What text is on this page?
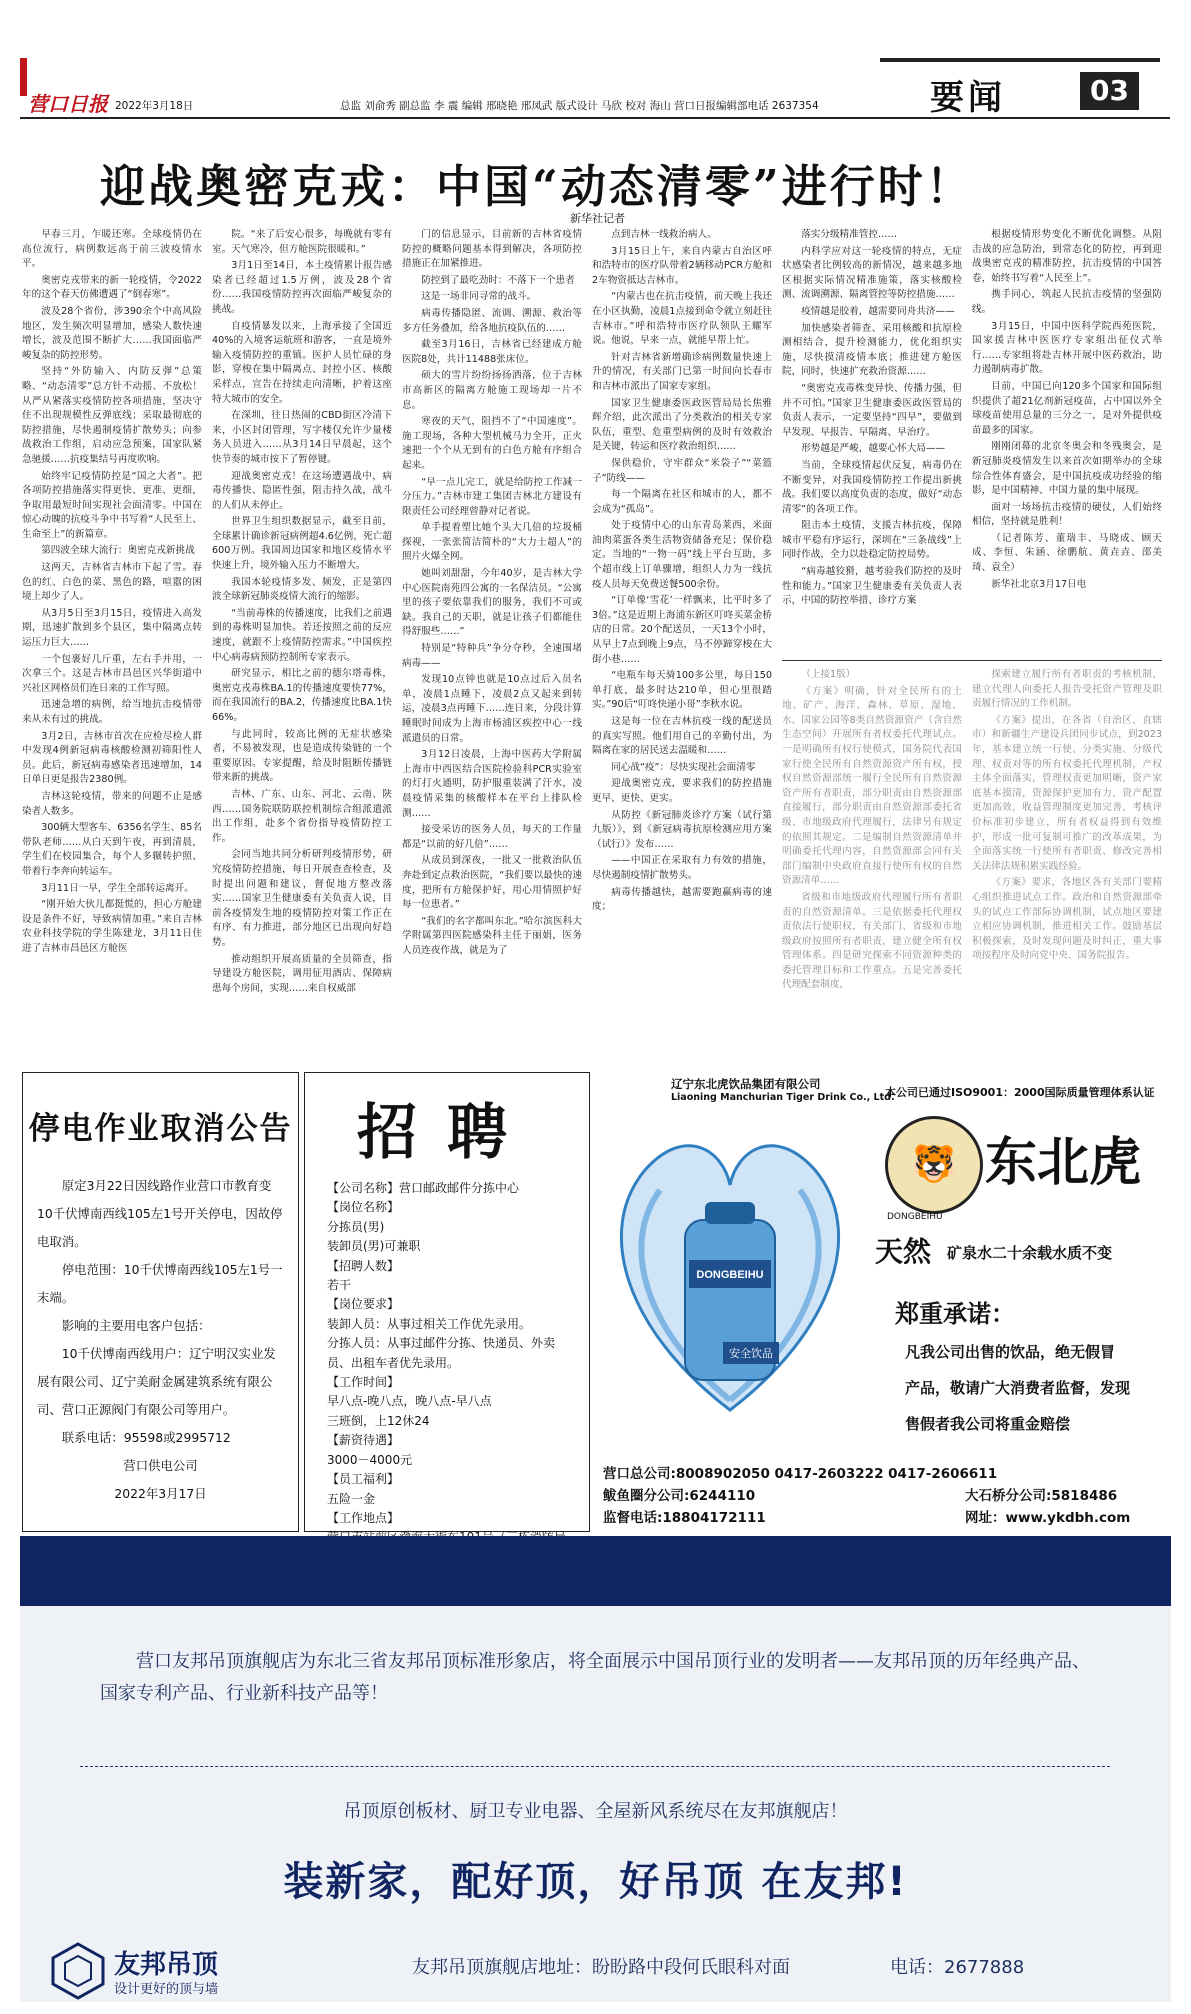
营口日报 2022年3月18日	总监 刘俞秀 副总监 李 震 编辑 邢晓艳 邢凤武 版式设计 马欣 校对 海山 营口日报编辑部电话 2637354	要闻	03
迎战奥密克戎：中国“动态清零”进行时！
新华社记者

早春三月，乍暖还寒。全球疫情仍在高位流行，病例数远高于前三波疫情水平。

奥密克戎带来的新一轮疫情，令2022年的这个春天仿佛遭遇了“倒春寒”。

波及28个省份，涉390余个中高风险地区，发生频次明显增加，感染人数快速增长，波及范围不断扩大……我国面临严峻复杂的防控形势。

坚持“外防输入、内防反弹”总策略、“动态清零”总方针不动摇、不放松！从严从紧落实疫情防控各项措施，坚决守住不出现规模性反弹底线；采取最彻底的防控措施，尽快遏制疫情扩散势头；向参战救治工作组，启动应急预案，国家队紧急驰援……抗疫集结号再度吹响。

始终牢记疫情防控是“国之大者”。把各项防控措施落实得更快、更准、更细，争取用最短时间实现社会面清零。中国在惊心动魄的抗疫斗争中书写着“人民至上、生命至上”的新篇章。

第四波全球大流行：奥密克戎新挑战

这两天，吉林省吉林市下起了雪。春色的红、白色的菜、黑色的路，喧嚣的困境上却少了人。

从3月5日至3月15日，疫情进入高发期，迅速扩散到多个县区，集中隔离点转运压力巨大……

一个包裹好几斤重，左右手并用，一次拿三个。这是吉林市昌邑区兴华街道中兴社区网格员们连日来的工作写照。

迅速急增的病例，给当地抗击疫情带来从未有过的挑战。

3月2日，吉林市首次在应检尽检人群中发现4例新冠病毒核酸检测初筛阳性人员。此后，新冠病毒感染者迅速增加，14日单日更是报告2380例。

吉林这轮疫情，带来的问题不止是感染者人数多。

300辆大型客车、6356名学生、85名带队老师……从白天到午夜，再到清晨，学生们在校园集合，每个人多辗转护照、带着行李奔向转运车。

3月11日一早，学生全部转运离开。

“刚开始大伙儿都挺慌的，担心方舱建设是条件不好，导致病情加重。”来自吉林农业科技学院的学生陈建龙，3月11日住进了吉林市昌邑区方舱医

院。“来了后安心很多，每晚就有零有室。天气寒冷，但方舱医院很暖和。”

3月1日至14日，本土疫情累计报告感染者已经超过1.5万例，波及28个省份……我国疫情防控再次面临严峻复杂的挑战。

自疫情暴发以来，上海承接了全国近40%的入境客运航班和游客，一直是境外输入疫情防控的重镇。医护人员忙碌的身影，穿梭在集中隔离点、封控小区、核酸采样点，宣告在持续走向清晰，护着这座特大城市的安全。

在深圳，往日热闹的CBD街区冷清下来，小区封闭管理，写字楼仅允许少量楼务人员进入……从3月14日早晨起，这个快节奏的城市按下了暂停键。

迎战奥密克戎！在这场遭遇战中，病毒传播快、隐匿性强，阻击持久战，战斗的人们从未停止。

世界卫生组织数据显示，截至目前，全球累计确诊新冠病例超4.6亿例，死亡超600万例。我国周边国家和地区疫情水平快速上升，境外输入压力不断增大。

我国本轮疫情多发、频发，正是第四波全球新冠肺炎疫情大流行的缩影。

“当前毒株的传播速度，比我们之前遇到的毒株明显加快。若还按照之前的反应速度，就跟不上疫情防控需求。”中国疾控中心病毒病预防控制所专家表示。

研究显示，相比之前的德尔塔毒株，奥密克戎毒株BA.1的传播速度要快77%，而在我国流行的BA.2，传播速度比BA.1快66%。

与此同时，较高比例的无症状感染者，不易被发现，也是造成传染链的一个重要原因。专家提醒，给及时阻断传播链带来新的挑战。

吉林、广东、山东、河北、云南、陕西……国务院联防联控机制综合组派遣派出工作组，赴多个省份指导疫情防控工作。

会同当地共同分析研判疫情形势，研究疫情防控措施，每日开展查查检查，及时提出问题和建议，督促地方整改落实……国家卫生健康委有关负责人说，目前各疫情发生地的疫情防控对策工作正在有序、有力推进，部分地区已出现向好趋势。

推动组织开展高质量的全员筛查，指导建设方舱医院，调用征用酒店、保障病患每个房间，实现……来自权威部

门的信息显示，目前新的吉林省疫情防控的概略问题基本得到解决，各项防控措施正在加紧推进。

防控到了最吃劲时：不落下一个患者

这是一场非同寻常的战斗。

病毒传播隐匿、流调、溯源、救治等多方任务叠加，给各地抗疫队伍的……

截至3月16日，吉林省已经建成方舱医院8处，共计11488张床位。

硕大的雪片纷纷扬扬洒落，位于吉林市高新区的隔离方舱施工现场却一片不息。

寒夜的天气，阻挡不了“中国速度”。施工现场，各种大型机械马力全开，正火速把一个个从无到有的白色方舱有序组合起来。

“早一点儿完工，就是给防控工作减一分压力。”吉林市建工集团吉林北方建设有限责任公司经理曾静对记者说。

单手提着塑比她个头大几倍的垃圾桶探视，一张张简洁简朴的“大力士超人”的照片火爆全网。

她叫刘甜甜，今年40岁，是吉林大学中心医院南苑四公寓的一名保洁员。“公寓里的孩子要依靠我们的服务，我们不可或缺。我自己的天职，就是让孩子们都能住得舒服些……”

特别是“特种兵”争分夺秒，全速围堵病毒——

发现10点钟也就是10点过后入员名单，凌晨1点睡下，凌晨2点又起来到转运，凌晨3点再睡下……连日来，分段计算睡眠时间成为上海市杨浦区疾控中心一线派遣员的日常。

3月12日凌晨，上海中医药大学附属上海市中西医结合医院检验科PCR实验室的灯打火通明，防护服重装满了汗水，凌晨疫情采集的核酸样本在平台上排队检测……

接受采访的医务人员，每天的工作量都是“以前的好几倍”……

从成员到深夜，一批又一批救治队伍奔赴到定点救治医院，“我们要以最快的速度，把所有方舱保护好，用心用情照护好每一位患者。”

“我们的名字都叫东北。”哈尔滨医科大学附属第四医院感染科主任于丽娟，医务人员连夜作战，就是为了

点到吉林一线救治病人。

3月15日上午，来自内蒙古自治区呼和浩特市的医疗队带着2辆移动PCR方舱和2车物资抵达吉林市。

“内蒙古也在抗击疫情，前天晚上我还在小区执勤，凌晨1点接到命令就立刻赶往吉林市。”呼和浩特市医疗队领队王耀军说。他说，早来一点，就能早帮上忙。

针对吉林省新增确诊病例数量快速上升的情况，有关部门已第一时间向长春市和吉林市派出了国家专家组。

国家卫生健康委医政医管局局长焦雅辉介绍，此次派出了分类救治的相关专家队伍，重型、危重型病例的及时有效救治是关键，转运和医疗救治组织……

保供稳价，守牢群众“米袋子”“菜篮子”防线——

每一个隔离在社区和城市的人，都不会成为“孤岛”。

处于疫情中心的山东青岛莱西，米面油肉菜蛋各类生活物资储备充足；保价稳定。当地的“一物一码”线上平台互助，多个超市线上订单骤增，组织人力为一线抗疫人员每天免费送餐500余份。

“订单像‘雪花’一样飘来，比平时多了3倍。”这是近期上海浦东新区叮咚买菜金桥店的日常。20个配送员，一天13个小时，从早上7点到晚上9点，马不停蹄穿梭在大街小巷……

“电瓶车每天骑100多公里，每日150单打底，最多时达210单，但心里很踏实。”90后“叮咚快递小哥”李秋水说。

这是每一位在吉林抗疫一线的配送员的真实写照。他们用自己的辛勤付出，为隔离在家的居民送去温暖和……

同心战“疫”：尽快实现社会面清零

迎战奥密克戎，要求我们的防控措施更早、更快、更实。

从防控《新冠肺炎诊疗方案（试行第九版）》，到《新冠病毒抗原检测应用方案（试行）》发布……

——中国正在采取有力有效的措施，尽快遏制疫情扩散势头。

病毒传播越快，越需要跑赢病毒的速度；

落实分级精准管控……

内科学应对这一轮疫情的特点，无症状感染者比例较高的新情况，越来越多地区根据实际情况精准施策，落实核酸检测、流调溯源、隔离管控等防控措施……

疫情越是胶着，越需要同舟共济——

加快感染者筛查、采用核酸和抗原检测相结合，提升检测能力，优化组织实施，尽快摸清疫情本底；推进建方舱医院，同时，快速扩充救治资源……

“奥密克戎毒株变异快、传播力强，但并不可怕。”国家卫生健康委医政医管局的负责人表示，一定要坚持“四早”，要做到早发现、早报告、早隔离、早治疗。

形势越是严峻，越要心怀大局——

当前，全球疫情起伏反复，病毒仍在不断变异，对我国疫情防控工作提出新挑战。我们要以高度负责的态度，做好“动态清零”的各项工作。

阻击本土疫情，支援吉林抗疫，保障城市平稳有序运行，深圳在“三条战线”上同时作战，全力以赴稳定防控局势。

“病毒越狡猾，越考验我们防控的及时性和能力。”国家卫生健康委有关负责人表示，中国的防控举措、诊疗方案

根据疫情形势变化不断优化调整。从阻击战的应急防治，到常态化的防控，再到迎战奥密克戎的精准防控，抗击疫情的中国答卷，始终书写着“人民至上”。

携手同心，筑起人民抗击疫情的坚强防线。

3月15日，中国中医科学院西苑医院，国家援吉林中医医疗专家组出征仪式举行……专家组将赴吉林开展中医药救治，助力遏制病毒扩散。

目前，中国已向120多个国家和国际组织提供了超21亿剂新冠疫苗，占中国以外全球疫苗使用总量的三分之一，是对外提供疫苗最多的国家。

刚刚闭幕的北京冬奥会和冬残奥会，是新冠肺炎疫情发生以来首次如期举办的全球综合性体育盛会，是中国抗疫成功经验的缩影，是中国精神、中国力量的集中展现。

面对一场场抗击疫情的硬仗，人们始终相信，坚持就是胜利！

（记者陈芳、董瑞丰、马晓成、顾天成、李恒、朱涵、徐鹏航、黄垚垚、邵美琦、袁全）

新华社北京3月17日电

（上接1版）

《方案》明确，针对全民所有的土地、矿产、海洋、森林、草原、湿地、水、国家公园等8类自然资源资产（含自然生态空间）开展所有者权委托代理试点。一是明确所有权行使模式，国务院代表国家行使全民所有自然资源资产所有权，授权自然资源部统一履行全民所有自然资源资产所有者职责，部分职责由自然资源部直接履行，部分职责由自然资源部委托省级、市地级政府代理履行，法律另有规定的依照其规定。二是编制自然资源清单并明确委托代理内容，自然资源部会同有关部门编制中央政府直接行使所有权的自然资源清单……

省级和市地级政府代理履行所有者职责的自然资源清单。三是依据委托代理权责依法行使职权，有关部门、省级和市地级政府按照所有者职责，建立健全所有权管理体系。四是研究探索不同资源种类的委托管理目标和工作重点。五是完善委托代理配套制度，

探索建立履行所有者职责的考核机制，建立代理人向委托人报告受托资产管理及职责履行情况的工作机制。

《方案》提出，在各省（自治区、直辖市）和新疆生产建设兵团同步试点，到2023年，基本建立统一行使、分类实施、分级代理、权责对等的所有权委托代理机制，产权主体全面落实，管理权责更加明晰，资产家底基本摸清，资源保护更加有力，资产配置更加高效，收益管理制度更加完善，考核评价标准初步建立，所有者权益得到有效维护，形成一批可复制可推广的改革成果，为全面落实统一行使所有者职责、修改完善相关法律法规积累实践经验。

《方案》要求，各地区各有关部门要精心组织推进试点工作。政治和自然资源部牵头的试点工作部际协调机制，试点地区要建立相应协调机制，推进相关工作。鼓励基层积极探索，及时发现问题及时纠正，重大事项按程序及时向党中央、国务院报告。

停电作业取消公告
原定3月22日因线路作业营口市教育变10千伏博南西线105左1号开关停电，因故停电取消。
停电范围：10千伏博南西线105左1号一末端。
影响的主要用电客户包括：
10千伏博南西线用户：辽宁明汉实业发展有限公司、辽宁美耐金属建筑系统有限公司、营口正源阀门有限公司等用户。
联系电话：95598或2995712
营口供电公司
2022年3月17日
招聘
【公司名称】营口邮政邮件分拣中心
【岗位名称】
分拣员(男)
装卸员(男)可兼职
【招聘人数】
若干
【岗位要求】
装卸人员：从事过相关工作优先录用。
分拣人员：从事过邮件分拣、快递员、外卖员、出租车者优先录用。
【工作时间】
早八点-晚八点，晚八点-早八点
三班倒，上12休24
【薪资待遇】
3000－4000元
【员工福利】
五险一金
【工作地点】
辽宁东北虎饮品集团有限公司
Liaoning Manchurian Tiger Drink Co., Ltd.
本公司已通过ISO9001：2000国际质量管理体系认证
DONGBEIHU
安全饮品
🐯
DONGBEIHU
东北虎
天然 矿泉水二十余载水质不变
郑重承诺：
凡我公司出售的饮品，绝无假冒
产品，敬请广大消费者监督，发现
售假者我公司将重金赔偿
营口总公司:8008902050 0417-2603222 0417-2606611
鲅鱼圈分公司:6244110	大石桥分公司:5818486
监督电话:18804172111	网址：www.ykdbh.com
营口友邦吊顶旗舰店为东北三省友邦吊顶标准形象店，将全面展示中国吊顶行业的发明者——友邦吊顶的历年经典产品、国家专利产品、行业新科技产品等！
吊顶原创板材、厨卫专业电器、全屋新风系统尽在友邦旗舰店！
装新家，配好顶，好吊顶 在友邦!
友邦吊顶
设计更好的顶与墙
友邦吊顶旗舰店地址：盼盼路中段何氏眼科对面	电话：2677888
